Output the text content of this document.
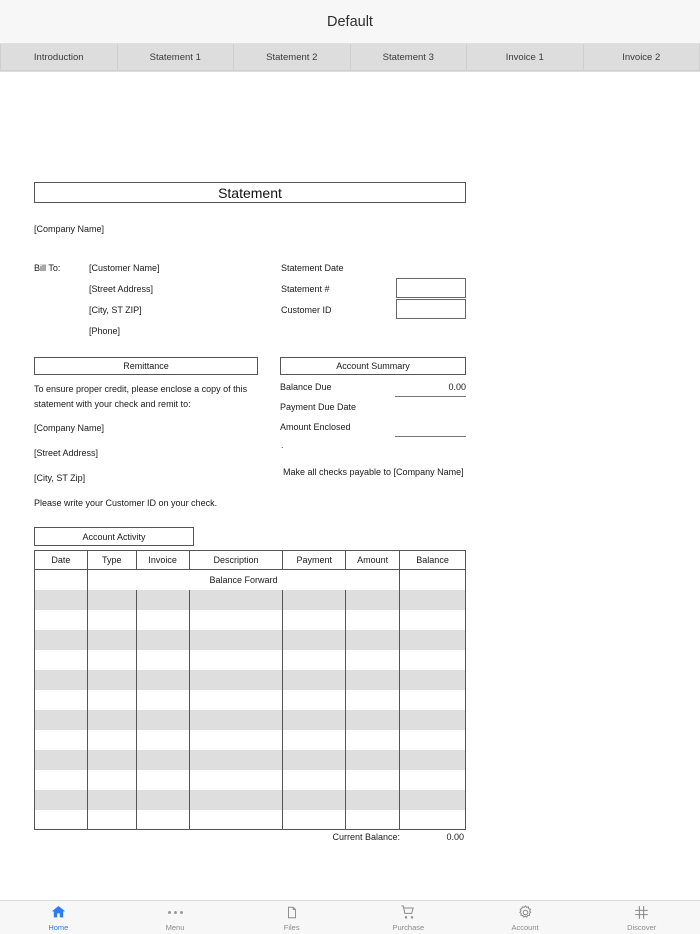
Default
Introduction	Statement 1	Statement 2	Statement 3	Invoice 1	Invoice 2
Statement
[Company Name]
Bill To:	[Customer Name]
[Street Address]
[City, ST ZIP]
[Phone]
Statement Date
Statement #
Customer ID
Remittance

To ensure proper credit, please enclose a copy of this
statement with your check and remit to:

[Company Name]

[Street Address]

[City, ST Zip]

Please write your Customer ID on your check.

Account Summary
Balance Due	0.00
Payment Due Date
Amount Enclosed
.
Make all checks payable to [Company Name]
Account Activity
Date	Type	Invoice	Description	Payment	Amount	Balance
	Balance Forward					

Current Balance:	0.00
Home	Menu	Files	Purchase	Account	Discover
